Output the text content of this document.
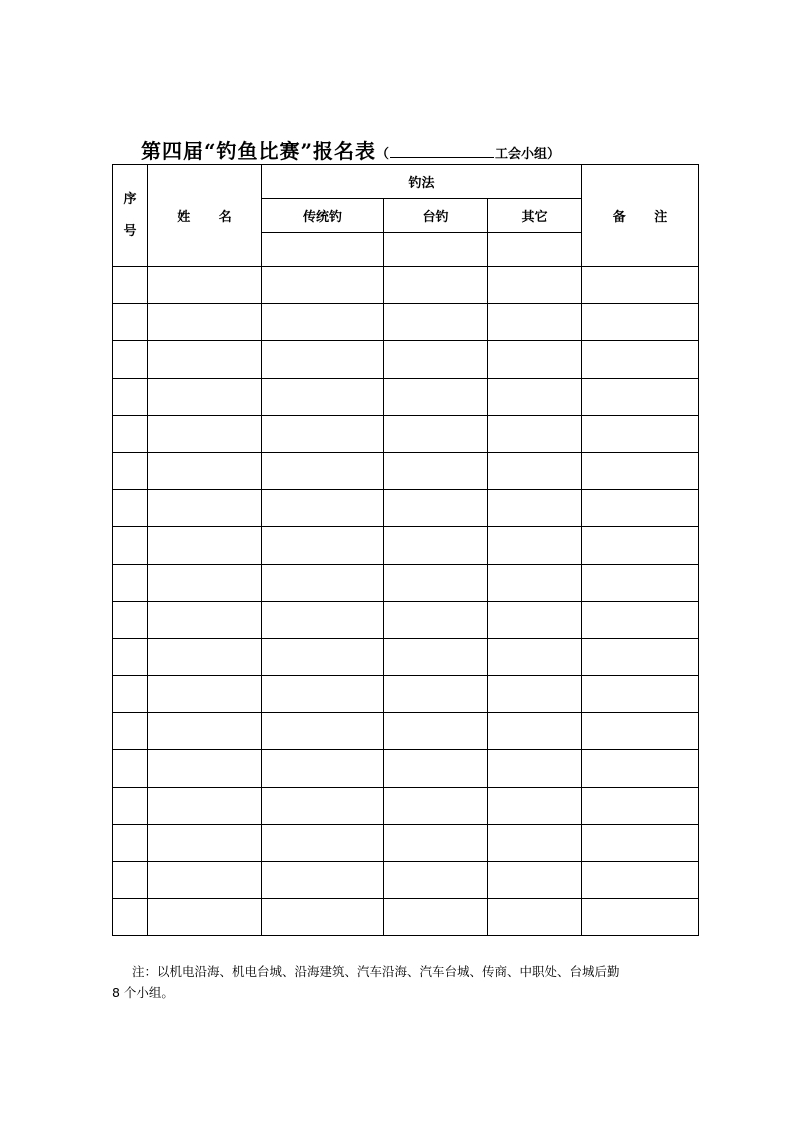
第四届“钓鱼比赛”报名表（	工会小组）
序
号	姓 名	钓法			备 注
		传统钓	台钓	其它	

注：以机电沿海、机电台城、沿海建筑、汽车沿海、汽车台城、传商、中职处、台城后勤
8 个小组。
